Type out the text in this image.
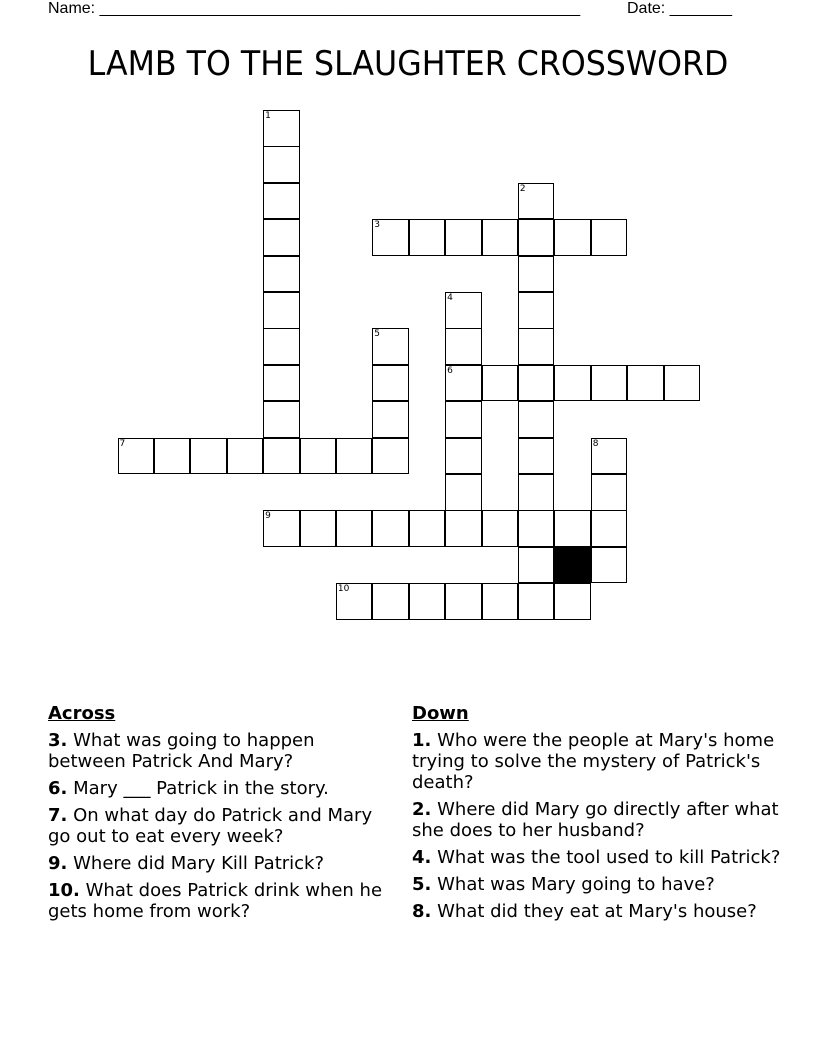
Name: ______________________________________________________	Date: _______
LAMB TO THE SLAUGHTER CROSSWORD
1
2
3
4
6
5
7	8
9
10
Across
3. What was going to happen between Patrick And Mary?
6. Mary ___ Patrick in the story.
7. On what day do Patrick and Mary go out to eat every week?
9. Where did Mary Kill Patrick?
10. What does Patrick drink when he gets home from work?
Down
1. Who were the people at Mary's home trying to solve the mystery of Patrick's death?
2. Where did Mary go directly after what she does to her husband?
4. What was the tool used to kill Patrick?
5. What was Mary going to have?
8. What did they eat at Mary's house?
